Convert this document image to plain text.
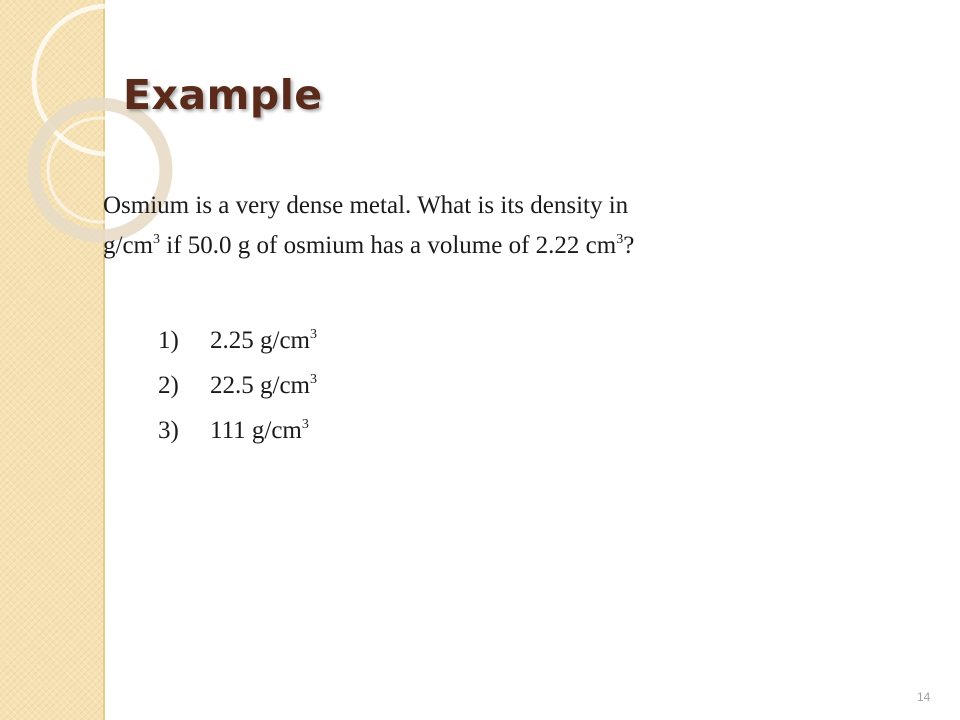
Example

Osmium is a very dense metal. What is its density in
$g/cm^3$ if 50.0 g of osmium has a volume of 2.22 $cm^3$?

1) 2.25 $g/cm^3$
2) 22.5 $g/cm^3$
3) 111 $g/cm^3$
14
